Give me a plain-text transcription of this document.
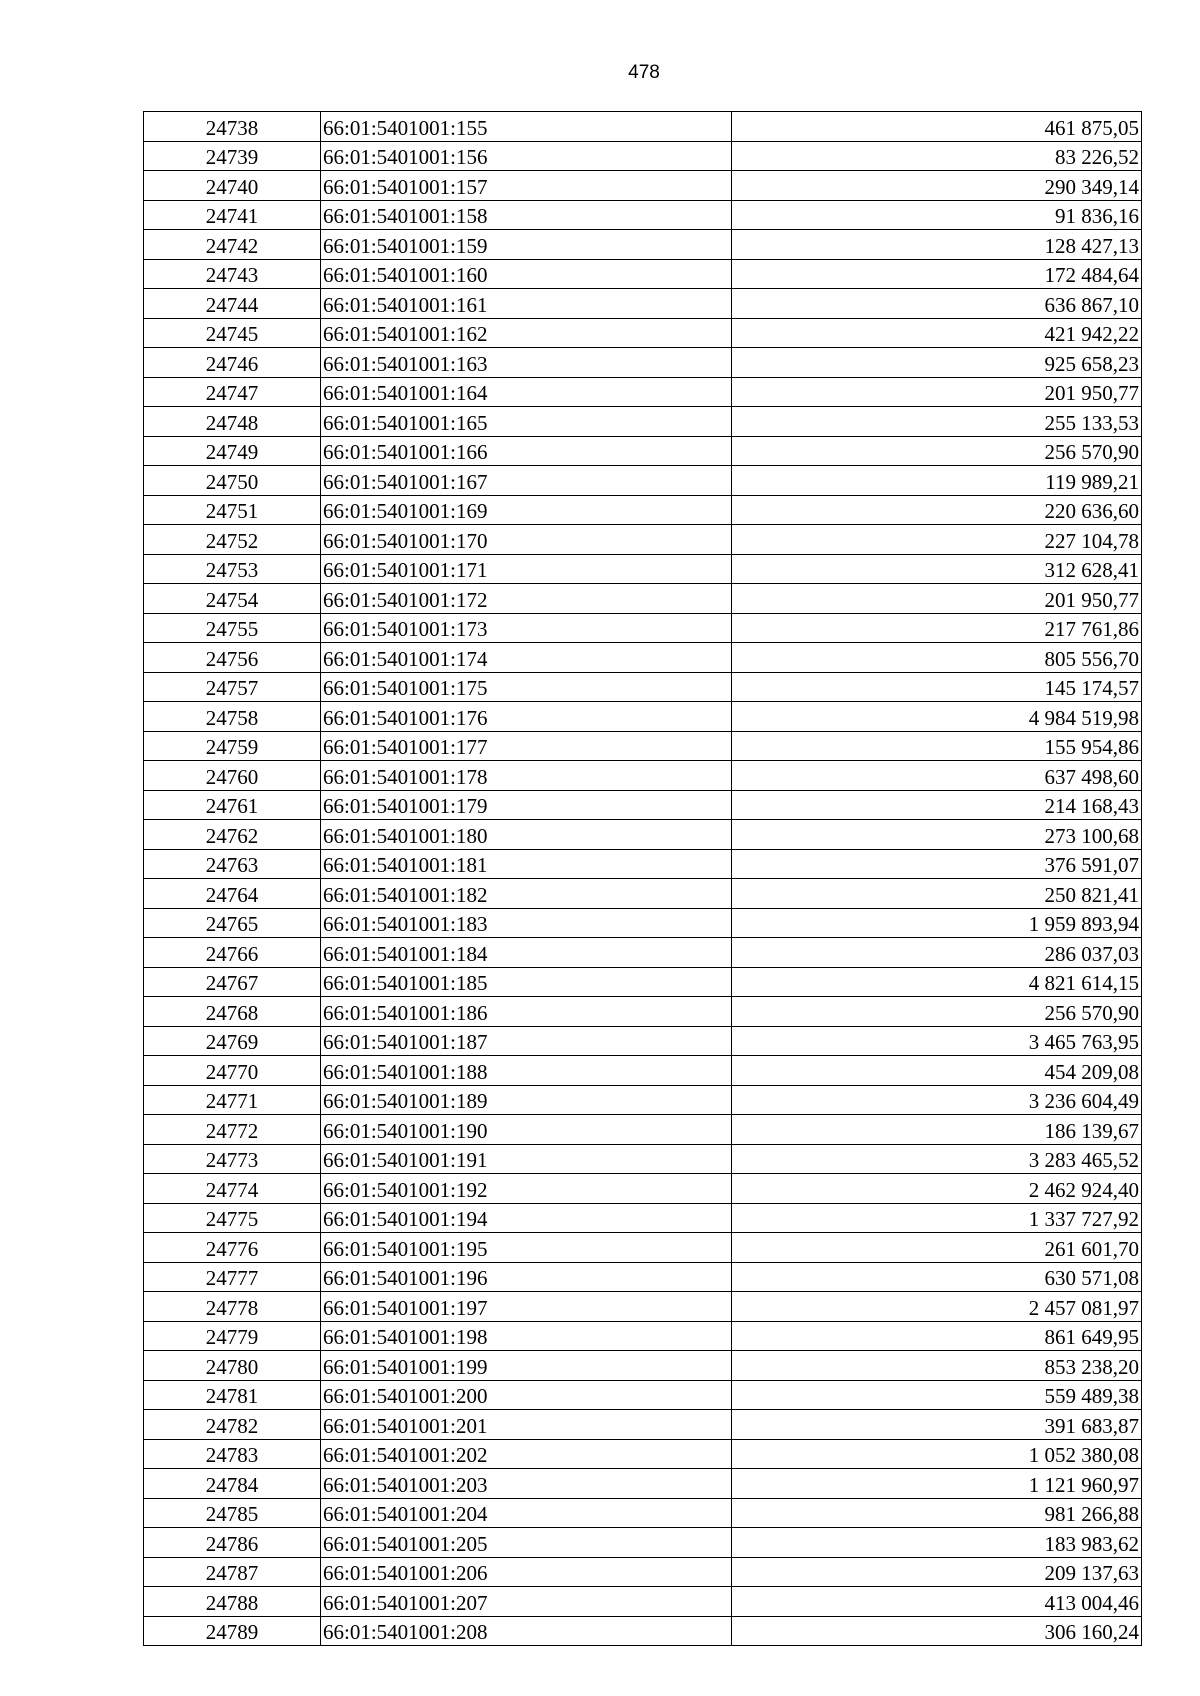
478
24738	66:01:5401001:155	461 875,05
24739	66:01:5401001:156	83 226,52
24740	66:01:5401001:157	290 349,14
24741	66:01:5401001:158	91 836,16
24742	66:01:5401001:159	128 427,13
24743	66:01:5401001:160	172 484,64
24744	66:01:5401001:161	636 867,10
24745	66:01:5401001:162	421 942,22
24746	66:01:5401001:163	925 658,23
24747	66:01:5401001:164	201 950,77
24748	66:01:5401001:165	255 133,53
24749	66:01:5401001:166	256 570,90
24750	66:01:5401001:167	119 989,21
24751	66:01:5401001:169	220 636,60
24752	66:01:5401001:170	227 104,78
24753	66:01:5401001:171	312 628,41
24754	66:01:5401001:172	201 950,77
24755	66:01:5401001:173	217 761,86
24756	66:01:5401001:174	805 556,70
24757	66:01:5401001:175	145 174,57
24758	66:01:5401001:176	4 984 519,98
24759	66:01:5401001:177	155 954,86
24760	66:01:5401001:178	637 498,60
24761	66:01:5401001:179	214 168,43
24762	66:01:5401001:180	273 100,68
24763	66:01:5401001:181	376 591,07
24764	66:01:5401001:182	250 821,41
24765	66:01:5401001:183	1 959 893,94
24766	66:01:5401001:184	286 037,03
24767	66:01:5401001:185	4 821 614,15
24768	66:01:5401001:186	256 570,90
24769	66:01:5401001:187	3 465 763,95
24770	66:01:5401001:188	454 209,08
24771	66:01:5401001:189	3 236 604,49
24772	66:01:5401001:190	186 139,67
24773	66:01:5401001:191	3 283 465,52
24774	66:01:5401001:192	2 462 924,40
24775	66:01:5401001:194	1 337 727,92
24776	66:01:5401001:195	261 601,70
24777	66:01:5401001:196	630 571,08
24778	66:01:5401001:197	2 457 081,97
24779	66:01:5401001:198	861 649,95
24780	66:01:5401001:199	853 238,20
24781	66:01:5401001:200	559 489,38
24782	66:01:5401001:201	391 683,87
24783	66:01:5401001:202	1 052 380,08
24784	66:01:5401001:203	1 121 960,97
24785	66:01:5401001:204	981 266,88
24786	66:01:5401001:205	183 983,62
24787	66:01:5401001:206	209 137,63
24788	66:01:5401001:207	413 004,46
24789	66:01:5401001:208	306 160,24
